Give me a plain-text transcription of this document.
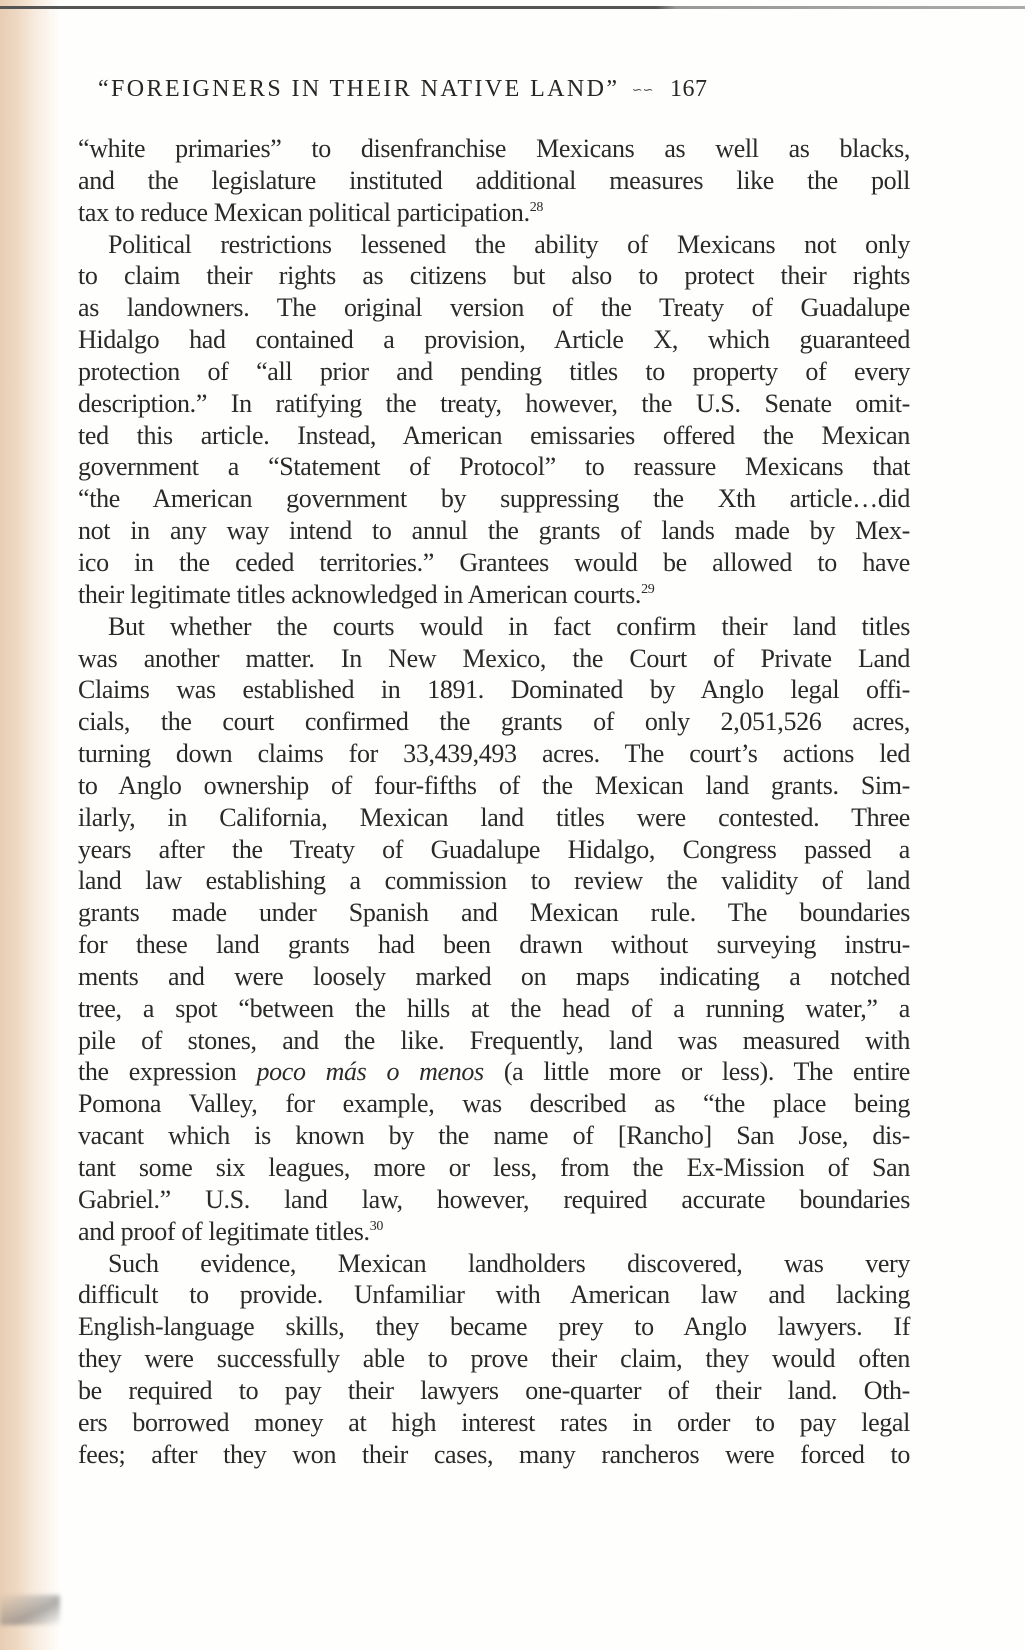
“FOREIGNERS IN THEIR NATIVE LAND” ∽∽ 167
“white primaries” to disenfranchise Mexicans as well as blacks,
and the legislature instituted additional measures like the poll
tax to reduce Mexican political participation.$^{28}$
Political restrictions lessened the ability of Mexicans not only
to claim their rights as citizens but also to protect their rights
as landowners. The original version of the Treaty of Guadalupe
Hidalgo had contained a provision, Article X, which guaranteed
protection of “all prior and pending titles to property of every
description.” In ratifying the treaty, however, the U.S. Senate omit-
ted this article. Instead, American emissaries offered the Mexican
government a “Statement of Protocol” to reassure Mexicans that
“the American government by suppressing the Xth article…did
not in any way intend to annul the grants of lands made by Mex-
ico in the ceded territories.” Grantees would be allowed to have
their legitimate titles acknowledged in American courts.$^{29}$
But whether the courts would in fact confirm their land titles
was another matter. In New Mexico, the Court of Private Land
Claims was established in 1891. Dominated by Anglo legal offi-
cials, the court confirmed the grants of only 2,051,526 acres,
turning down claims for 33,439,493 acres. The court’s actions led
to Anglo ownership of four-fifths of the Mexican land grants. Sim-
ilarly, in California, Mexican land titles were contested. Three
years after the Treaty of Guadalupe Hidalgo, Congress passed a
land law establishing a commission to review the validity of land
grants made under Spanish and Mexican rule. The boundaries
for these land grants had been drawn without surveying instru-
ments and were loosely marked on maps indicating a notched
tree, a spot “between the hills at the head of a running water,” a
pile of stones, and the like. Frequently, land was measured with
the expression poco más o menos (a little more or less). The entire
Pomona Valley, for example, was described as “the place being
vacant which is known by the name of [Rancho] San Jose, dis-
tant some six leagues, more or less, from the Ex-Mission of San
Gabriel.” U.S. land law, however, required accurate boundaries
and proof of legitimate titles.$^{30}$
Such evidence, Mexican landholders discovered, was very
difficult to provide. Unfamiliar with American law and lacking
English-language skills, they became prey to Anglo lawyers. If
they were successfully able to prove their claim, they would often
be required to pay their lawyers one-quarter of their land. Oth-
ers borrowed money at high interest rates in order to pay legal
fees; after they won their cases, many rancheros were forced to
